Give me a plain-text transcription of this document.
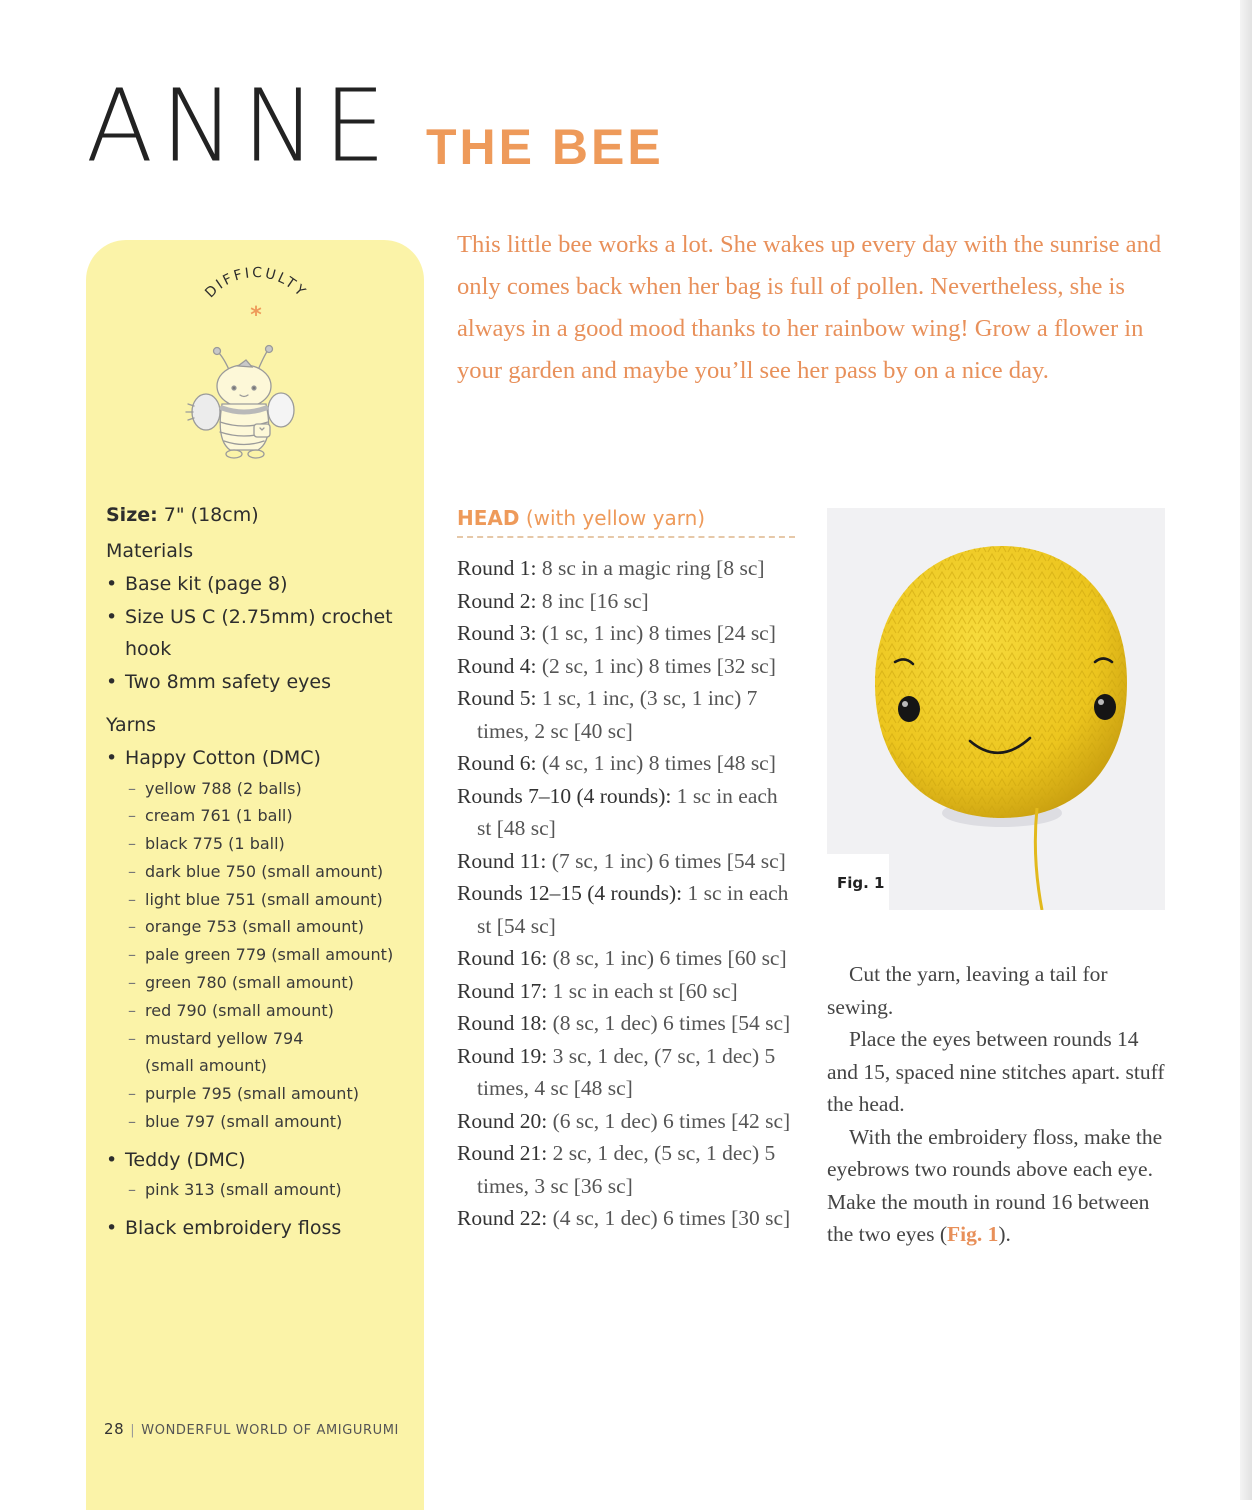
ANNE THE BEE
DIFFICULTY
*
Size: 7" (18cm)
Materials
• Base kit (page 8)
• Size US C (2.75mm) crochet hook
• Two 8mm safety eyes
Yarns
• Happy Cotton (DMC)
– yellow 788 (2 balls)
– cream 761 (1 ball)
– black 775 (1 ball)
– dark blue 750 (small amount)
– light blue 751 (small amount)
– orange 753 (small amount)
– pale green 779 (small amount)
– green 780 (small amount)
– red 790 (small amount)
– mustard yellow 794 (small amount)
– purple 795 (small amount)
– blue 797 (small amount)
• Teddy (DMC)
– pink 313 (small amount)
• Black embroidery floss
28 | WONDERFUL WORLD OF AMIGURUMI
This little bee works a lot. She wakes up every day with the sunrise and only comes back when her bag is full of pollen. Nevertheless, she is always in a good mood thanks to her rainbow wing! Grow a flower in your garden and maybe you’ll see her pass by on a nice day.
HEAD (with yellow yarn)
Round 1: 8 sc in a magic ring [8 sc]
Round 2: 8 inc [16 sc]
Round 3: (1 sc, 1 inc) 8 times [24 sc]
Round 4: (2 sc, 1 inc) 8 times [32 sc]
Round 5: 1 sc, 1 inc, (3 sc, 1 inc) 7 times, 2 sc [40 sc]
Round 6: (4 sc, 1 inc) 8 times [48 sc]
Rounds 7–10 (4 rounds): 1 sc in each st [48 sc]
Round 11: (7 sc, 1 inc) 6 times [54 sc]
Rounds 12–15 (4 rounds): 1 sc in each st [54 sc]
Round 16: (8 sc, 1 inc) 6 times [60 sc]
Round 17: 1 sc in each st [60 sc]
Round 18: (8 sc, 1 dec) 6 times [54 sc]
Round 19: 3 sc, 1 dec, (7 sc, 1 dec) 5 times, 4 sc [48 sc]
Round 20: (6 sc, 1 dec) 6 times [42 sc]
Round 21: 2 sc, 1 dec, (5 sc, 1 dec) 5 times, 3 sc [36 sc]
Round 22: (4 sc, 1 dec) 6 times [30 sc]
Fig. 1

Cut the yarn, leaving a tail for sewing.

Place the eyes between rounds 14 and 15, spaced nine stitches apart. stuff the head.

With the embroidery floss, make the eyebrows two rounds above each eye. Make the mouth in round 16 between the two eyes (Fig. 1).
